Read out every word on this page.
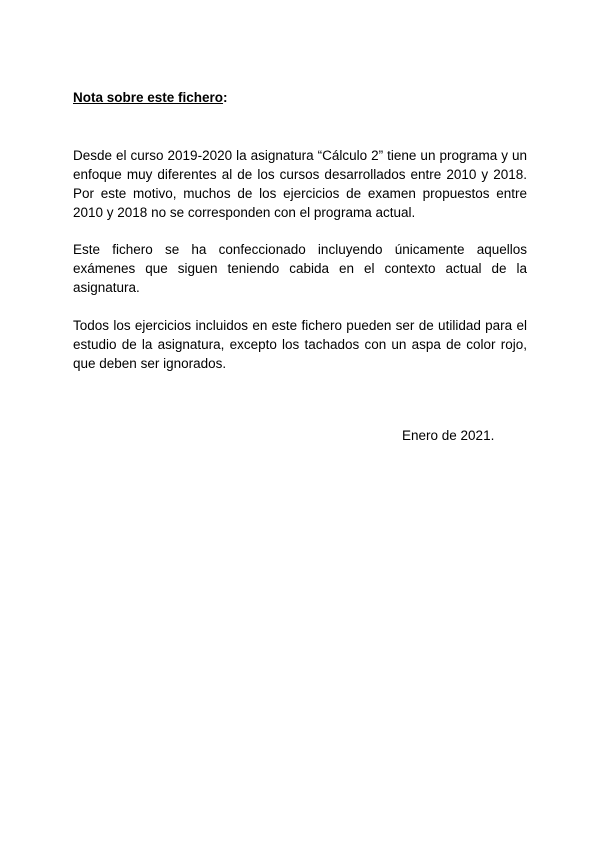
Nota sobre este fichero:

Desde el curso 2019-2020 la asignatura “Cálculo 2” tiene un programa y un enfoque muy diferentes al de los cursos desarrollados entre 2010 y 2018. Por este motivo, muchos de los ejercicios de examen propuestos entre 2010 y 2018 no se corresponden con el programa actual.

Este fichero se ha confeccionado incluyendo únicamente aquellos exámenes que siguen teniendo cabida en el contexto actual de la asignatura.

Todos los ejercicios incluidos en este fichero pueden ser de utilidad para el estudio de la asignatura, excepto los tachados con un aspa de color rojo, que deben ser ignorados.

Enero de 2021.
